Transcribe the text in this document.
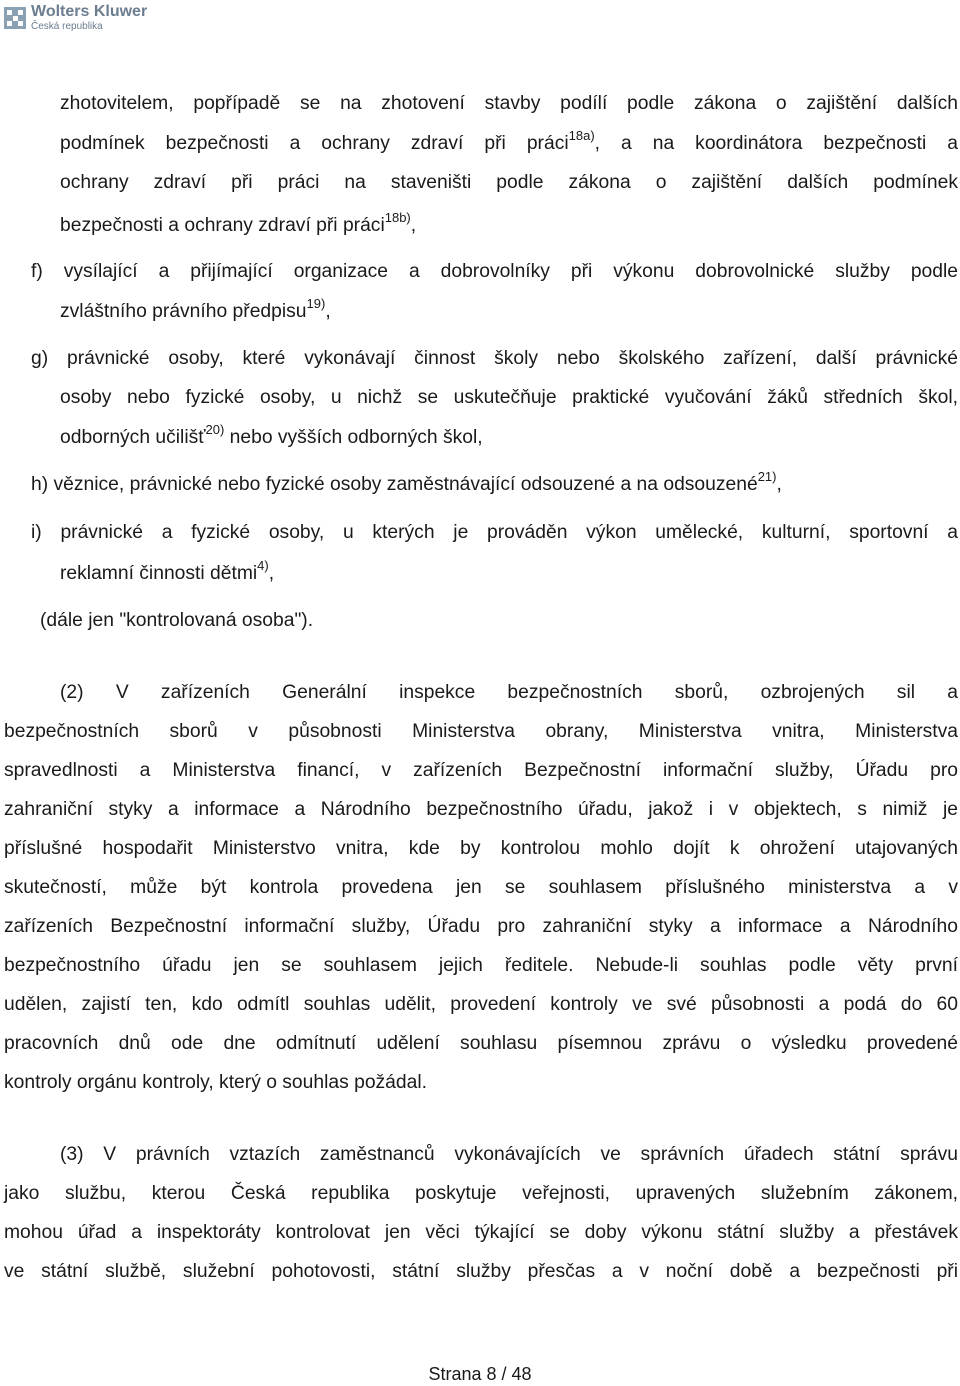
Wolters Kluwer
Česká republika
zhotovitelem, popřípadě se na zhotovení stavby podílí podle zákona o zajištění dalších
podmínek bezpečnosti a ochrany zdraví při práci$^{18a)}$, a na koordinátora bezpečnosti a
ochrany zdraví při práci na staveništi podle zákona o zajištění dalších podmínek
bezpečnosti a ochrany zdraví při práci$^{18b)}$,
f) vysílající a přijímající organizace a dobrovolníky při výkonu dobrovolnické služby podle
zvláštního právního předpisu$^{19)}$,
g) právnické osoby, které vykonávají činnost školy nebo školského zařízení, další právnické
osoby nebo fyzické osoby, u nichž se uskutečňuje praktické vyučování žáků středních škol,
odborných učilišť$^{20)}$ nebo vyšších odborných škol,
h) věznice, právnické nebo fyzické osoby zaměstnávající odsouzené a na odsouzené$^{21)}$,
i) právnické a fyzické osoby, u kterých je prováděn výkon umělecké, kulturní, sportovní a
reklamní činnosti dětmi$^{4)}$,
(dále jen "kontrolovaná osoba").
(2) V zařízeních Generální inspekce bezpečnostních sborů, ozbrojených sil a
bezpečnostních sborů v působnosti Ministerstva obrany, Ministerstva vnitra, Ministerstva
spravedlnosti a Ministerstva financí, v zařízeních Bezpečnostní informační služby, Úřadu pro
zahraniční styky a informace a Národního bezpečnostního úřadu, jakož i v objektech, s nimiž je
příslušné hospodařit Ministerstvo vnitra, kde by kontrolou mohlo dojít k ohrožení utajovaných
skutečností, může být kontrola provedena jen se souhlasem příslušného ministerstva a v
zařízeních Bezpečnostní informační služby, Úřadu pro zahraniční styky a informace a Národního
bezpečnostního úřadu jen se souhlasem jejich ředitele. Nebude-li souhlas podle věty první
udělen, zajistí ten, kdo odmítl souhlas udělit, provedení kontroly ve své působnosti a podá do 60
pracovních dnů ode dne odmítnutí udělení souhlasu písemnou zprávu o výsledku provedené
kontroly orgánu kontroly, který o souhlas požádal.
(3) V právních vztazích zaměstnanců vykonávajících ve správních úřadech státní správu
jako službu, kterou Česká republika poskytuje veřejnosti, upravených služebním zákonem,
mohou úřad a inspektoráty kontrolovat jen věci týkající se doby výkonu státní služby a přestávek
ve státní službě, služební pohotovosti, státní služby přesčas a v noční době a bezpečnosti při
Strana 8 / 48
